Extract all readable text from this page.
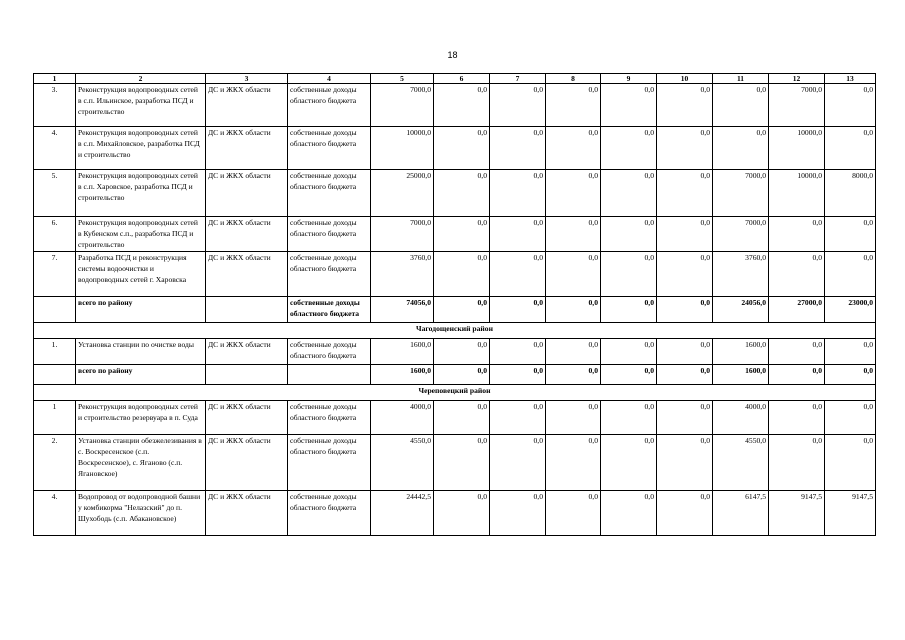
18
1	2	3	4	5	6	7	8	9	10	11	12	13
3.	Реконструкция водопроводных сетей в с.п. Ильинское, разработка ПСД и строительство	ДС и ЖКХ области	собственные доходы областного бюджета	7000,0	0,0	0,0	0,0	0,0	0,0	0,0	7000,0	0,0
4.	Реконструкция водопроводных сетей в с.п. Михайловское, разработка ПСД и строительство	ДС и ЖКХ области	собственные доходы областного бюджета	10000,0	0,0	0,0	0,0	0,0	0,0	0,0	10000,0	0,0
5.	Реконструкция водопроводных сетей в с.п. Харовское, разработка ПСД и строительство	ДС и ЖКХ области	собственные доходы областного бюджета	25000,0	0,0	0,0	0,0	0,0	0,0	7000,0	10000,0	8000,0
6.	Реконструкция водопроводных сетей в Кубенском с.п., разработка ПСД и строительство	ДС и ЖКХ области	собственные доходы областного бюджета	7000,0	0,0	0,0	0,0	0,0	0,0	7000,0	0,0	0,0
7.	Разработка ПСД и реконструкция системы водоочистки и водопроводных сетей г. Харовска	ДС и ЖКХ области	собственные доходы областного бюджета	3760,0	0,0	0,0	0,0	0,0	0,0	3760,0	0,0	0,0
	всего по району		собственные доходы областного бюджета	74056,0	0,0	0,0	0,0	0,0	0,0	24056,0	27000,0	23000,0
Чагодощенский район												
1.	Установка станции по очистке воды	ДС и ЖКХ области	собственные доходы областного бюджета	1600,0	0,0	0,0	0,0	0,0	0,0	1600,0	0,0	0,0
	всего по району			1600,0	0,0	0,0	0,0	0,0	0,0	1600,0	0,0	0,0
Череповецкий район												
1	Реконструкция водопроводных сетей и строительство резервуара в п. Суда	ДС и ЖКХ области	собственные доходы областного бюджета	4000,0	0,0	0,0	0,0	0,0	0,0	4000,0	0,0	0,0
2.	Установка станции обезжелезивания в с. Воскресенское (с.п. Воскресенское), с. Яганово (с.п. Ягановское)	ДС и ЖКХ области	собственные доходы областного бюджета	4550,0	0,0	0,0	0,0	0,0	0,0	4550,0	0,0	0,0
4.	Водопровод от водопроводной башни у комбикорма "Нелазский" до п. Шухободь (с.п. Абакановское)	ДС и ЖКХ области	собственные доходы областного бюджета	24442,5	0,0	0,0	0,0	0,0	0,0	6147,5	9147,5	9147,5
